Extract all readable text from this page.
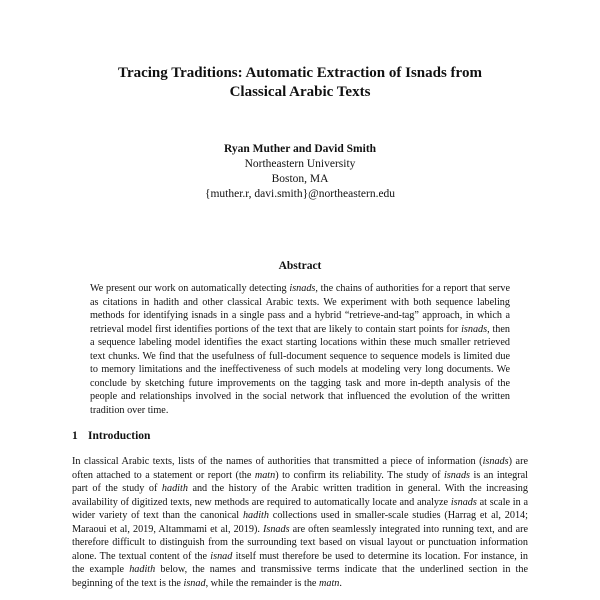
Tracing Traditions: Automatic Extraction of Isnads from
Classical Arabic Texts
Ryan Muther and David Smith
Northeastern University
Boston, MA
{muther.r, davi.smith}@northeastern.edu
Abstract
We present our work on automatically detecting isnads, the chains of authorities for a report that serve as citations in hadith and other classical Arabic texts. We experiment with both sequence labeling methods for identifying isnads in a single pass and a hybrid “retrieve-and-tag” approach, in which a retrieval model first identifies portions of the text that are likely to contain start points for isnads, then a sequence labeling model identifies the exact starting locations within these much smaller retrieved text chunks. We find that the usefulness of full-document sequence to sequence models is limited due to memory limitations and the ineffectiveness of such models at modeling very long documents. We conclude by sketching future improvements on the tagging task and more in-depth analysis of the people and relationships involved in the social network that influenced the evolution of the written tradition over time.
1 Introduction
In classical Arabic texts, lists of the names of authorities that transmitted a piece of information (isnads) are often attached to a statement or report (the matn) to confirm its reliability. The study of isnads is an integral part of the study of hadith and the history of the Arabic written tradition in general. With the increasing availability of digitized texts, new methods are required to automatically locate and analyze isnads at scale in a wider variety of text than the canonical hadith collections used in smaller-scale studies (Harrag et al, 2014; Maraoui et al, 2019, Altammami et al, 2019). Isnads are often seamlessly integrated into running text, and are therefore difficult to distinguish from the surrounding text based on visual layout or punctuation information alone. The textual content of the isnad itself must therefore be used to determine its location. For instance, in the example hadith below, the names and transmissive terms indicate that the underlined section in the beginning of the text is the isnad, while the remainder is the matn.
